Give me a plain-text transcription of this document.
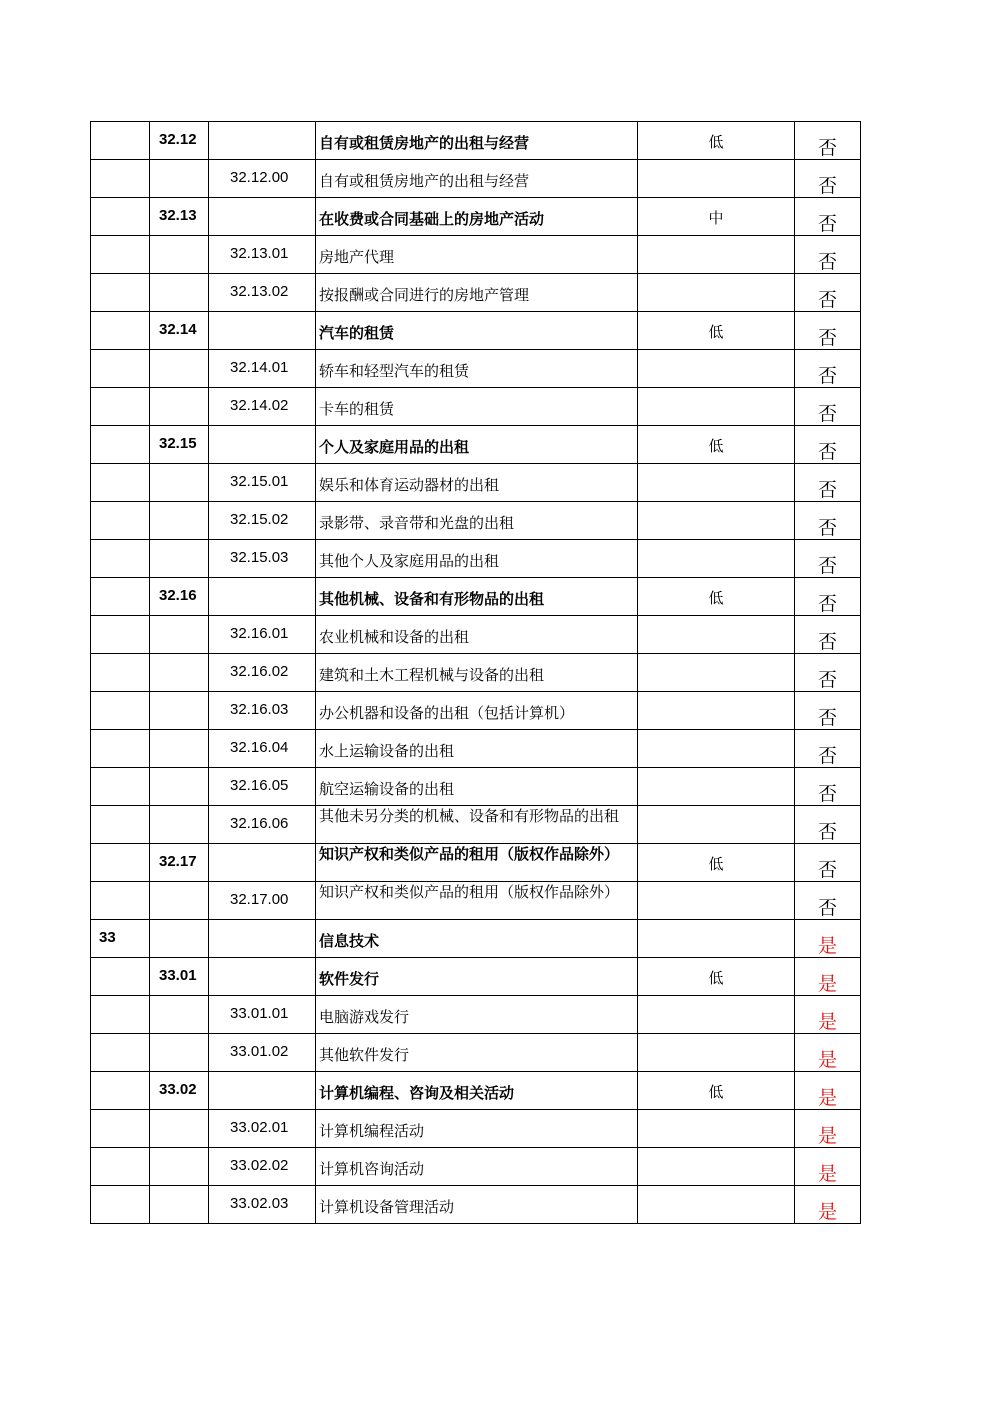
	32.12		自有或租赁房地产的出租与经营	低	否
		32.12.00	自有或租赁房地产的出租与经营		否
	32.13		在收费或合同基础上的房地产活动	中	否
		32.13.01	房地产代理		否
		32.13.02	按报酬或合同进行的房地产管理		否
	32.14		汽车的租赁	低	否
		32.14.01	轿车和轻型汽车的租赁		否
		32.14.02	卡车的租赁		否
	32.15		个人及家庭用品的出租	低	否
		32.15.01	娱乐和体育运动器材的出租		否
		32.15.02	录影带、录音带和光盘的出租		否
		32.15.03	其他个人及家庭用品的出租		否
	32.16		其他机械、设备和有形物品的出租	低	否
		32.16.01	农业机械和设备的出租		否
		32.16.02	建筑和土木工程机械与设备的出租		否
		32.16.03	办公机器和设备的出租（包括计算机）		否
		32.16.04	水上运输设备的出租		否
		32.16.05	航空运输设备的出租		否
		32.16.06	其他未另分类的机械、设备和有形物品的出租		否
	32.17		知识产权和类似产品的租用（版权作品除外）	低	否
		32.17.00	知识产权和类似产品的租用（版权作品除外）		否
33			信息技术		是
	33.01		软件发行	低	是
		33.01.01	电脑游戏发行		是
		33.01.02	其他软件发行		是
	33.02		计算机编程、咨询及相关活动	低	是
		33.02.01	计算机编程活动		是
		33.02.02	计算机咨询活动		是
		33.02.03	计算机设备管理活动		是
